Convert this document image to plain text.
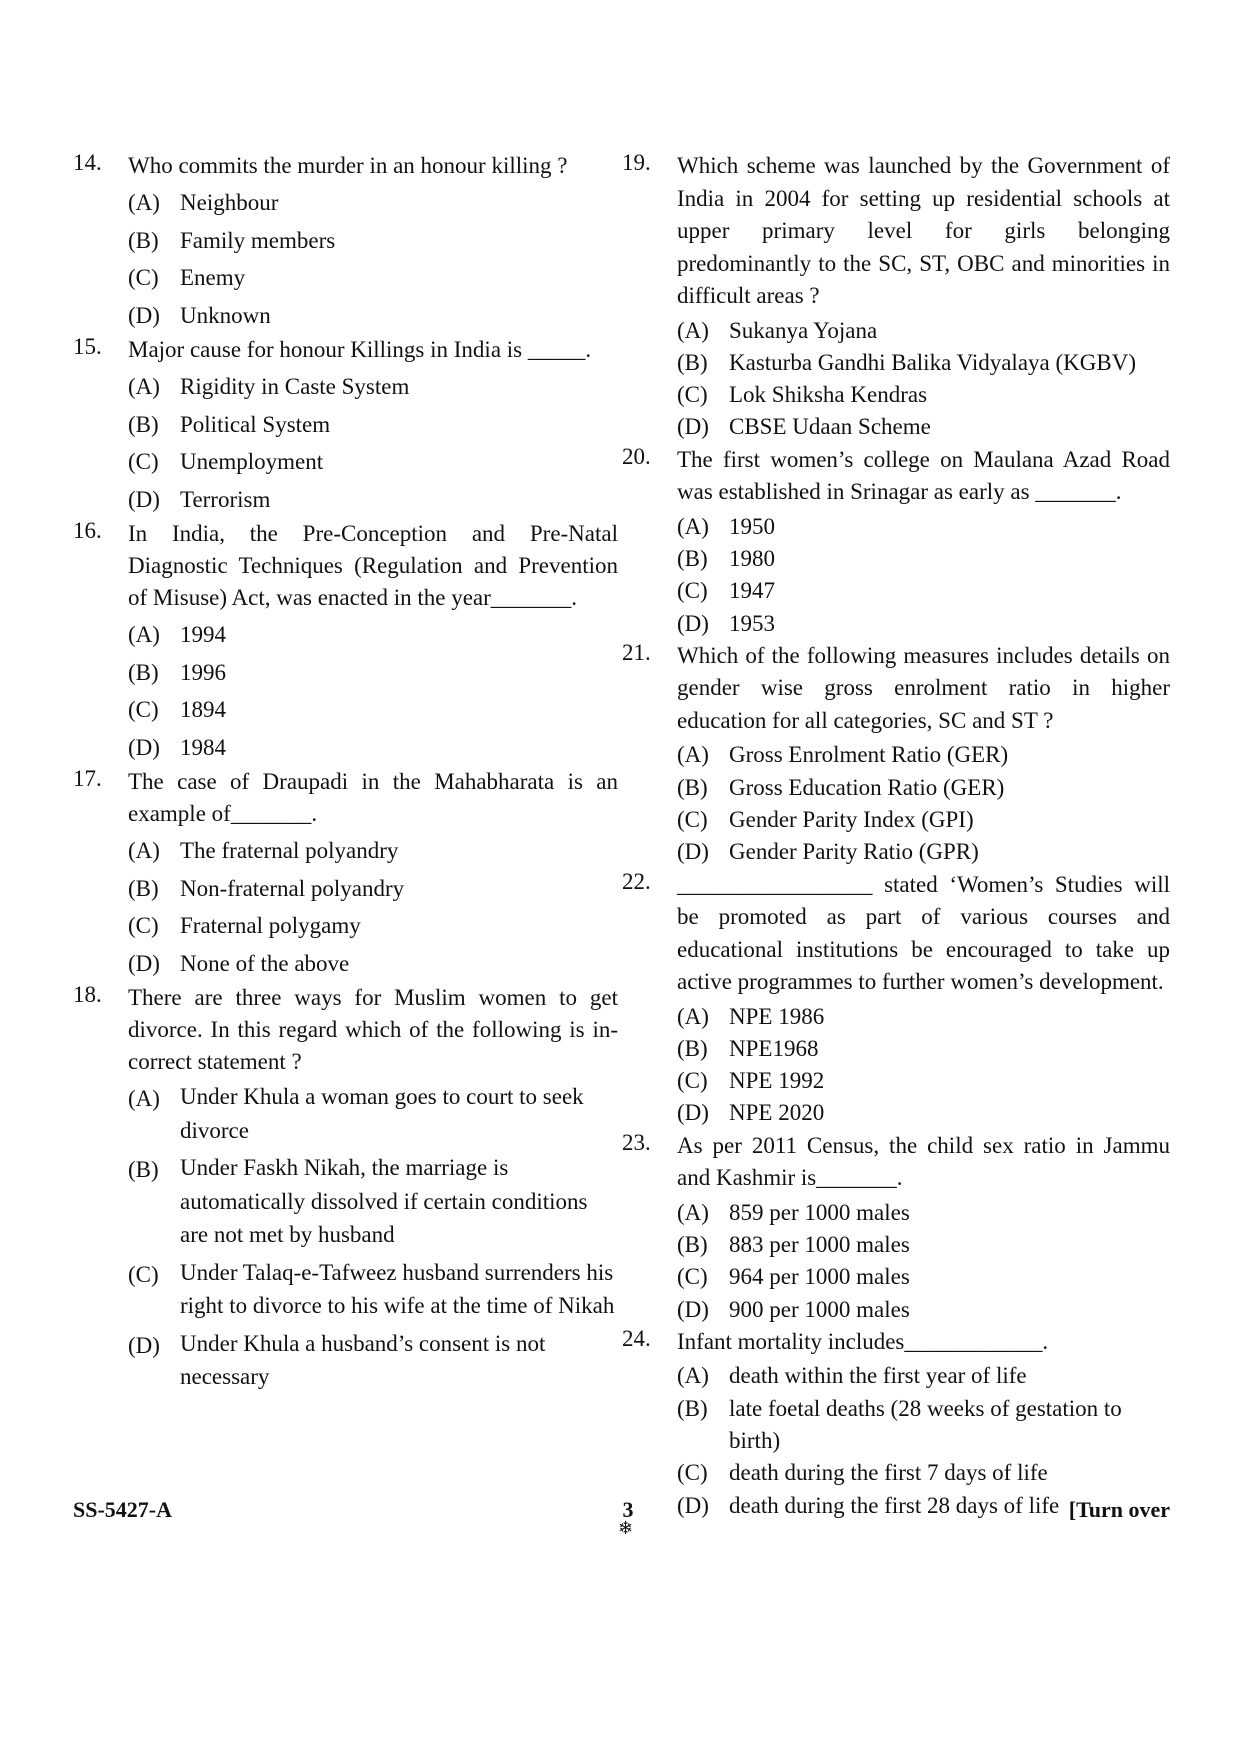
14. Who commits the murder in an honour killing ?
(A) Neighbour
(B) Family members
(C) Enemy
(D) Unknown
15. Major cause for honour Killings in India is _____.
(A) Rigidity in Caste System
(B) Political System
(C) Unemployment
(D) Terrorism
16. In India, the Pre-Conception and Pre-Natal Diagnostic Techniques (Regulation and Prevention of Misuse) Act, was enacted in the year_______.
(A) 1994
(B) 1996
(C) 1894
(D) 1984
17. The case of Draupadi in the Mahabharata is an example of_______.
(A) The fraternal polyandry
(B) Non-fraternal polyandry
(C) Fraternal polygamy
(D) None of the above
18. There are three ways for Muslim women to get divorce. In this regard which of the following is in-correct statement ?
(A) Under Khula a woman goes to court to seek divorce
(B) Under Faskh Nikah, the marriage is automatically dissolved if certain conditions are not met by husband
(C) Under Talaq-e-Tafweez husband surrenders his right to divorce to his wife at the time of Nikah
(D) Under Khula a husband’s consent is not necessary
19. Which scheme was launched by the Government of India in 2004 for setting up residential schools at upper primary level for girls belonging predominantly to the SC, ST, OBC and minorities in difficult areas ?
(A) Sukanya Yojana
(B) Kasturba Gandhi Balika Vidyalaya (KGBV)
(C) Lok Shiksha Kendras
(D) CBSE Udaan Scheme
20. The first women’s college on Maulana Azad Road was established in Srinagar as early as _______.
(A) 1950
(B) 1980
(C) 1947
(D) 1953
21. Which of the following measures includes details on gender wise gross enrolment ratio in higher education for all categories, SC and ST ?
(A) Gross Enrolment Ratio (GER)
(B) Gross Education Ratio (GER)
(C) Gender Parity Index (GPI)
(D) Gender Parity Ratio (GPR)
22. _________________ stated ‘Women’s Studies will be promoted as part of various courses and educational institutions be encouraged to take up active programmes to further women’s development.
(A) NPE 1986
(B) NPE1968
(C) NPE 1992
(D) NPE 2020
23. As per 2011 Census, the child sex ratio in Jammu and Kashmir is_______.
(A) 859 per 1000 males
(B) 883 per 1000 males
(C) 964 per 1000 males
(D) 900 per 1000 males
24. Infant mortality includes____________.
(A) death within the first year of life
(B) late foetal deaths (28 weeks of gestation to birth)
(C) death during the first 7 days of life
(D) death during the first 28 days of life
SS-5427-A	3
❄
[Turn over
